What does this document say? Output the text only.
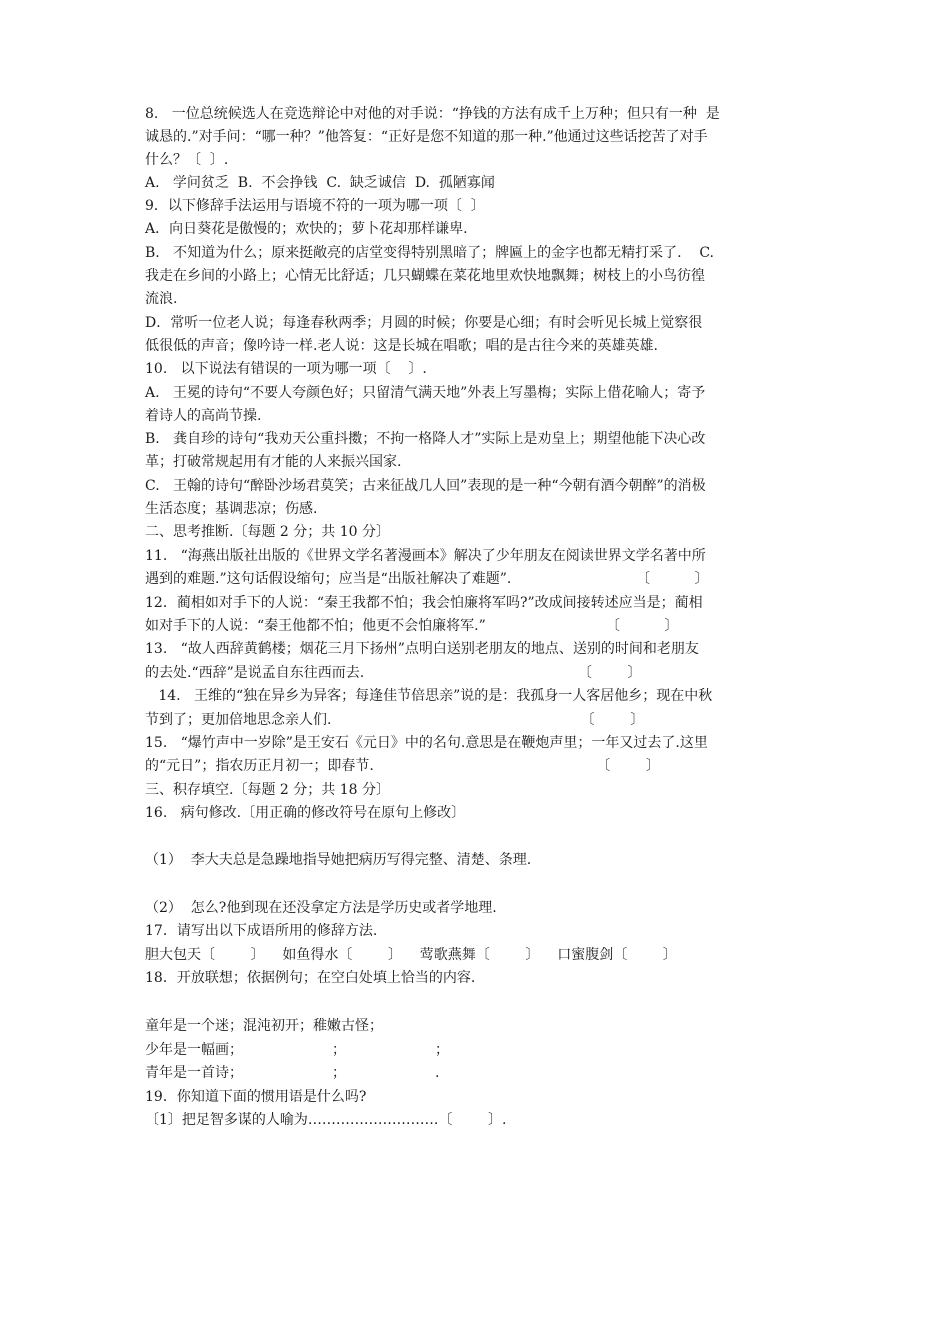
8.   一位总统候选人在竞选辩论中对他的对手说：“挣钱的方法有成千上万种；但只有一种  是
诚恳的.”对手问：“哪一种？”他答复：“正好是您不知道的那一种.”他通过这些话挖苦了对手
什么？〔  〕.
A.   学问贫乏  B.  不会挣钱  C.  缺乏诚信  D.  孤陋寡闻
9．以下修辞手法运用与语境不符的一项为哪一项〔  〕
A．向日葵花是傲慢的；欢快的；萝卜花却那样谦卑.
B.   不知道为什么；原来挺敞亮的店堂变得特别黑暗了；牌匾上的金字也都无精打采了.    C.
我走在乡间的小路上；心情无比舒适；几只蝴蝶在菜花地里欢快地飘舞；树枝上的小鸟彷徨
流浪.
D．常听一位老人说；每逢春秋两季；月圆的时候；你要是心细；有时会听见长城上觉察很
低很低的声音；像吟诗一样.老人说：这是长城在唱歌；唱的是古往今来的英雄英雄.
10.   以下说法有错误的一项为哪一项〔    〕.
A.   王冕的诗句“不要人夸颜色好；只留清气满天地”外表上写墨梅；实际上借花喻人；寄予
着诗人的高尚节操.
B.   龚自珍的诗句“我劝天公重抖擞；不拘一格降人才”实际上是劝皇上；期望他能下决心改
革；打破常规起用有才能的人来振兴国家.
C.   王翰的诗句“醉卧沙场君莫笑；古来征战几人回”表现的是一种“今朝有酒今朝醉”的消极
生活态度；基调悲凉；伤感.
二、思考推断.〔每题 2 分；共 10 分〕
11.   “海燕出版社出版的《世界文学名著漫画本》解决了少年朋友在阅读世界文学名著中所
遇到的难题.”这句话假设缩句；应当是“出版社解决了难题”.                            〔          〕
12．蔺相如对手下的人说：“秦王我都不怕；我会怕廉将军吗?”改成间接转述应当是；蔺相
如对手下的人说：“秦王他都不怕；他更不会怕廉将军.”                           〔          〕
13.   “故人西辞黄鹤楼；烟花三月下扬州”点明白送别老朋友的地点、送别的时间和老朋友
的去处.“西辞”是说孟自东往西而去.                                                〔        〕
14.   王维的“独在异乡为异客；每逢佳节倍思亲”说的是：我孤身一人客居他乡；现在中秋
节到了；更加倍地思念亲人们.                                                        〔        〕
15.   “爆竹声中一岁除”是王安石《元日》中的名句.意思是在鞭炮声里；一年又过去了.这里
的“元日”；指农历正月初一；即春节.                                                  〔        〕
三、积存填空.〔每题 2 分；共 18 分〕
16.   病句修改.〔用正确的修改符号在原句上修改〕
（1）  李大夫总是急躁地指导她把病历写得完整、清楚、条理.
（2）  怎么?他到现在还没拿定方法是学历史或者学地理.
17．请写出以下成语所用的修辞方法.
胆大包天〔        〕    如鱼得水〔        〕    莺歌燕舞〔        〕    口蜜腹剑〔        〕
18．开放联想；依据例句；在空白处填上恰当的内容.
童年是一个迷；混沌初开；稚嫩古怪；
少年是一幅画；                    ；                    ；
青年是一首诗；                    ；                    .
19．你知道下面的惯用语是什么吗?
〔1〕把足智多谋的人喻为……………………….〔        〕.
